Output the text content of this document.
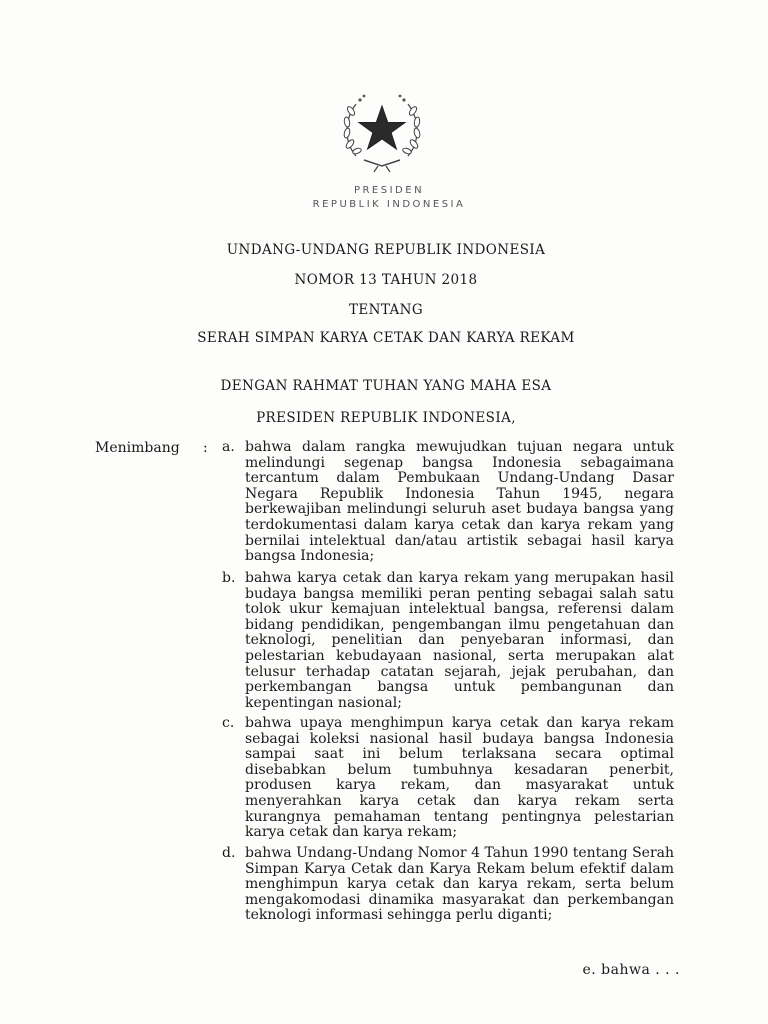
PRESIDEN
REPUBLIK INDONESIA
UNDANG-UNDANG REPUBLIK INDONESIA
NOMOR 13 TAHUN 2018
TENTANG
SERAH SIMPAN KARYA CETAK DAN KARYA REKAM
DENGAN RAHMAT TUHAN YANG MAHA ESA
PRESIDEN REPUBLIK INDONESIA,
Menimbang : a. bahwa dalam rangka mewujudkan tujuan negara untuk melindungi segenap bangsa Indonesia sebagaimana tercantum dalam Pembukaan Undang-Undang Dasar Negara Republik Indonesia Tahun 1945, negara berkewajiban melindungi seluruh aset budaya bangsa yang terdokumentasi dalam karya cetak dan karya rekam yang bernilai intelektual dan/atau artistik sebagai hasil karya bangsa Indonesia;
b. bahwa karya cetak dan karya rekam yang merupakan hasil budaya bangsa memiliki peran penting sebagai salah satu tolok ukur kemajuan intelektual bangsa, referensi dalam bidang pendidikan, pengembangan ilmu pengetahuan dan teknologi, penelitian dan penyebaran informasi, dan pelestarian kebudayaan nasional, serta merupakan alat telusur terhadap catatan sejarah, jejak perubahan, dan perkembangan bangsa untuk pembangunan dan kepentingan nasional;
c. bahwa upaya menghimpun karya cetak dan karya rekam sebagai koleksi nasional hasil budaya bangsa Indonesia sampai saat ini belum terlaksana secara optimal disebabkan belum tumbuhnya kesadaran penerbit, produsen karya rekam, dan masyarakat untuk menyerahkan karya cetak dan karya rekam serta kurangnya pemahaman tentang pentingnya pelestarian karya cetak dan karya rekam;
d. bahwa Undang-Undang Nomor 4 Tahun 1990 tentang Serah Simpan Karya Cetak dan Karya Rekam belum efektif dalam menghimpun karya cetak dan karya rekam, serta belum mengakomodasi dinamika masyarakat dan perkembangan teknologi informasi sehingga perlu diganti;
e. bahwa . . .
